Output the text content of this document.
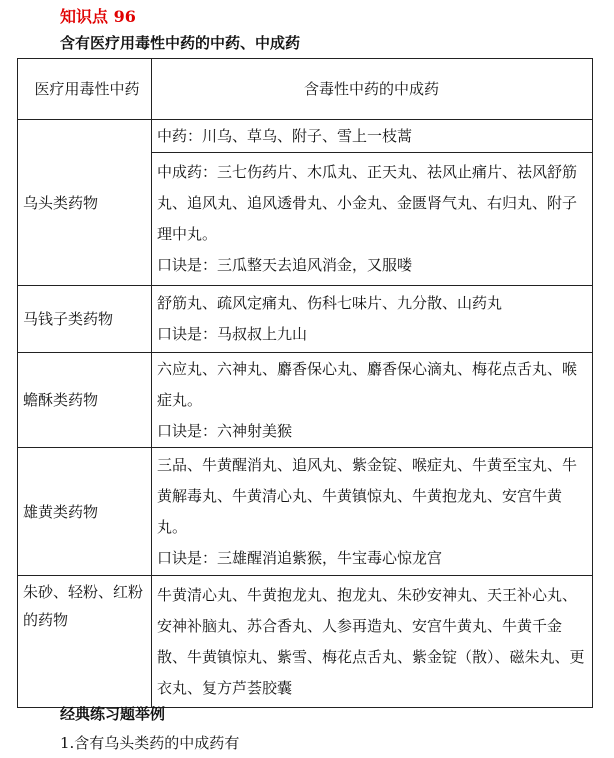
知识点 96
含有医疗用毒性中药的中药、中成药
医疗用毒性中药	含毒性中药的中成药
乌头类药物	中药：川乌、草乌、附子、雪上一枝蒿

	中成药：三七伤药片、木瓜丸、正天丸、祛风止痛片、祛风舒筋丸、追风丸、追风透骨丸、小金丸、金匮肾气丸、右归丸、附子理中丸。
口诀是：三瓜整天去追风消金，又服喽

马钱子类药物	舒筋丸、疏风定痛丸、伤科七味片、九分散、山药丸
口诀是：马叔叔上九山

蟾酥类药物	六应丸、六神丸、麝香保心丸、麝香保心滴丸、梅花点舌丸、喉症丸。
口诀是：六神射美猴

雄黄类药物	三品、牛黄醒消丸、追风丸、紫金锭、喉症丸、牛黄至宝丸、牛黄解毒丸、牛黄清心丸、牛黄镇惊丸、牛黄抱龙丸、安宫牛黄丸。
口诀是：三雄醒消追紫猴，牛宝毒心惊龙宫

朱砂、轻粉、红粉的药物	牛黄清心丸、牛黄抱龙丸、抱龙丸、朱砂安神丸、天王补心丸、安神补脑丸、苏合香丸、人参再造丸、安宫牛黄丸、牛黄千金散、牛黄镇惊丸、紫雪、梅花点舌丸、紫金锭（散）、磁朱丸、更衣丸、复方芦荟胶囊
经典练习题举例
1.含有乌头类药的中成药有
